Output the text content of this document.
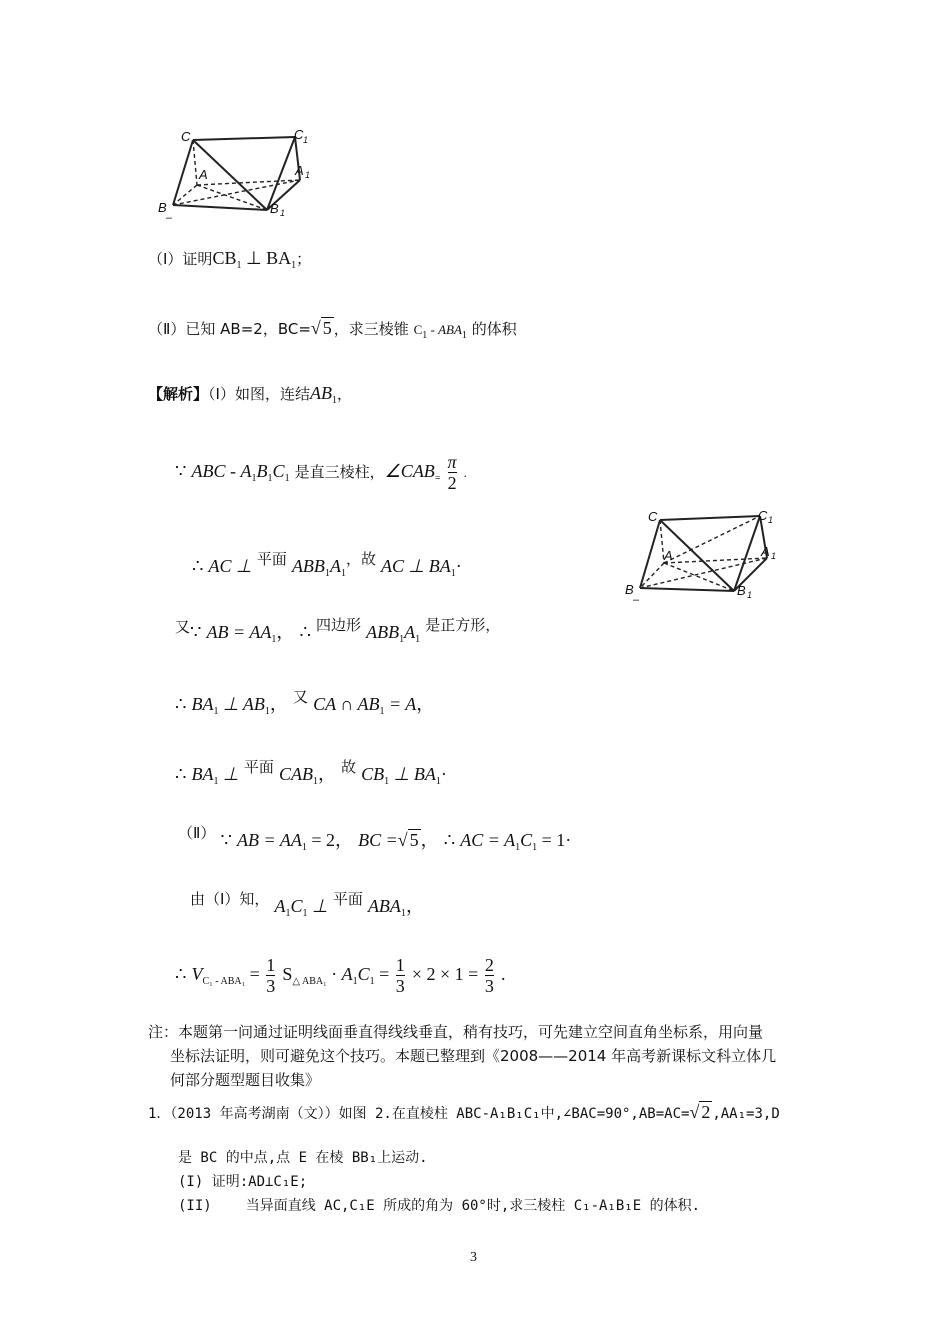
C	C 1
A	A 1
B
–
B 1
（Ⅰ）证明$CB_1$ ⊥ $BA_1$；
（Ⅱ）已知 AB=2，BC=√ 5 ，求三棱锥 $C_1 - ABA_1$ 的体积
【解析】（Ⅰ）如图，连结$AB_1$，
∵ ABC - $A_1B_1C_1$ 是直三棱柱，$\angle CAB_= \frac{\pi}{2}$ .
C	C 1
A	A 1
B
–
B 1
∴ AC ⊥ 平面 $ABB_1A_1$，故 AC ⊥ $BA_1\cdot$
又∵ AB = $AA_1$， ∴ 四边形 $ABB_1A_1$ 是正方形，
∴ $BA_1$ ⊥ $AB_1$， 又 CA ∩ $AB_1 = A$，
∴ $BA_1$ ⊥ 平面 $CAB_1$， 故 $CB_1$ ⊥ $BA_1\cdot$
（Ⅱ） ∵ AB = $AA_1 = 2$， BC =√ 5 ， ∴ AC = $A_1C_1 = 1\cdot$
由（Ⅰ）知， $A_1C_1$ ⊥ 平面 $ABA_1$，
∴ $V_{C_1 - ABA_1} = \frac{1}{3} S_{\triangle ABA_1} \cdot A_1C_1 = \frac{1}{3} \times 2 \times 1 = \frac{2}{3}$ .
注：本题第一问通过证明线面垂直得线线垂直，稍有技巧，可先建立空间直角坐标系，用向量
坐标法证明，则可避免这个技巧。本题已整理到《2008——2014 年高考新课标文科立体几
何部分题型题目收集》
1．（2013 年高考湖南（文））如图 2.在直棱柱 ABC-A₁B₁C₁中,∠BAC=90°,AB=AC=√ 2 ,AA₁=3,D
是 BC 的中点,点 E 在棱 BB₁上运动.
(I) 证明:AD⊥C₁E;
(II) 当异面直线 AC,C₁E 所成的角为 60°时,求三棱柱 C₁-A₁B₁E 的体积.
3
